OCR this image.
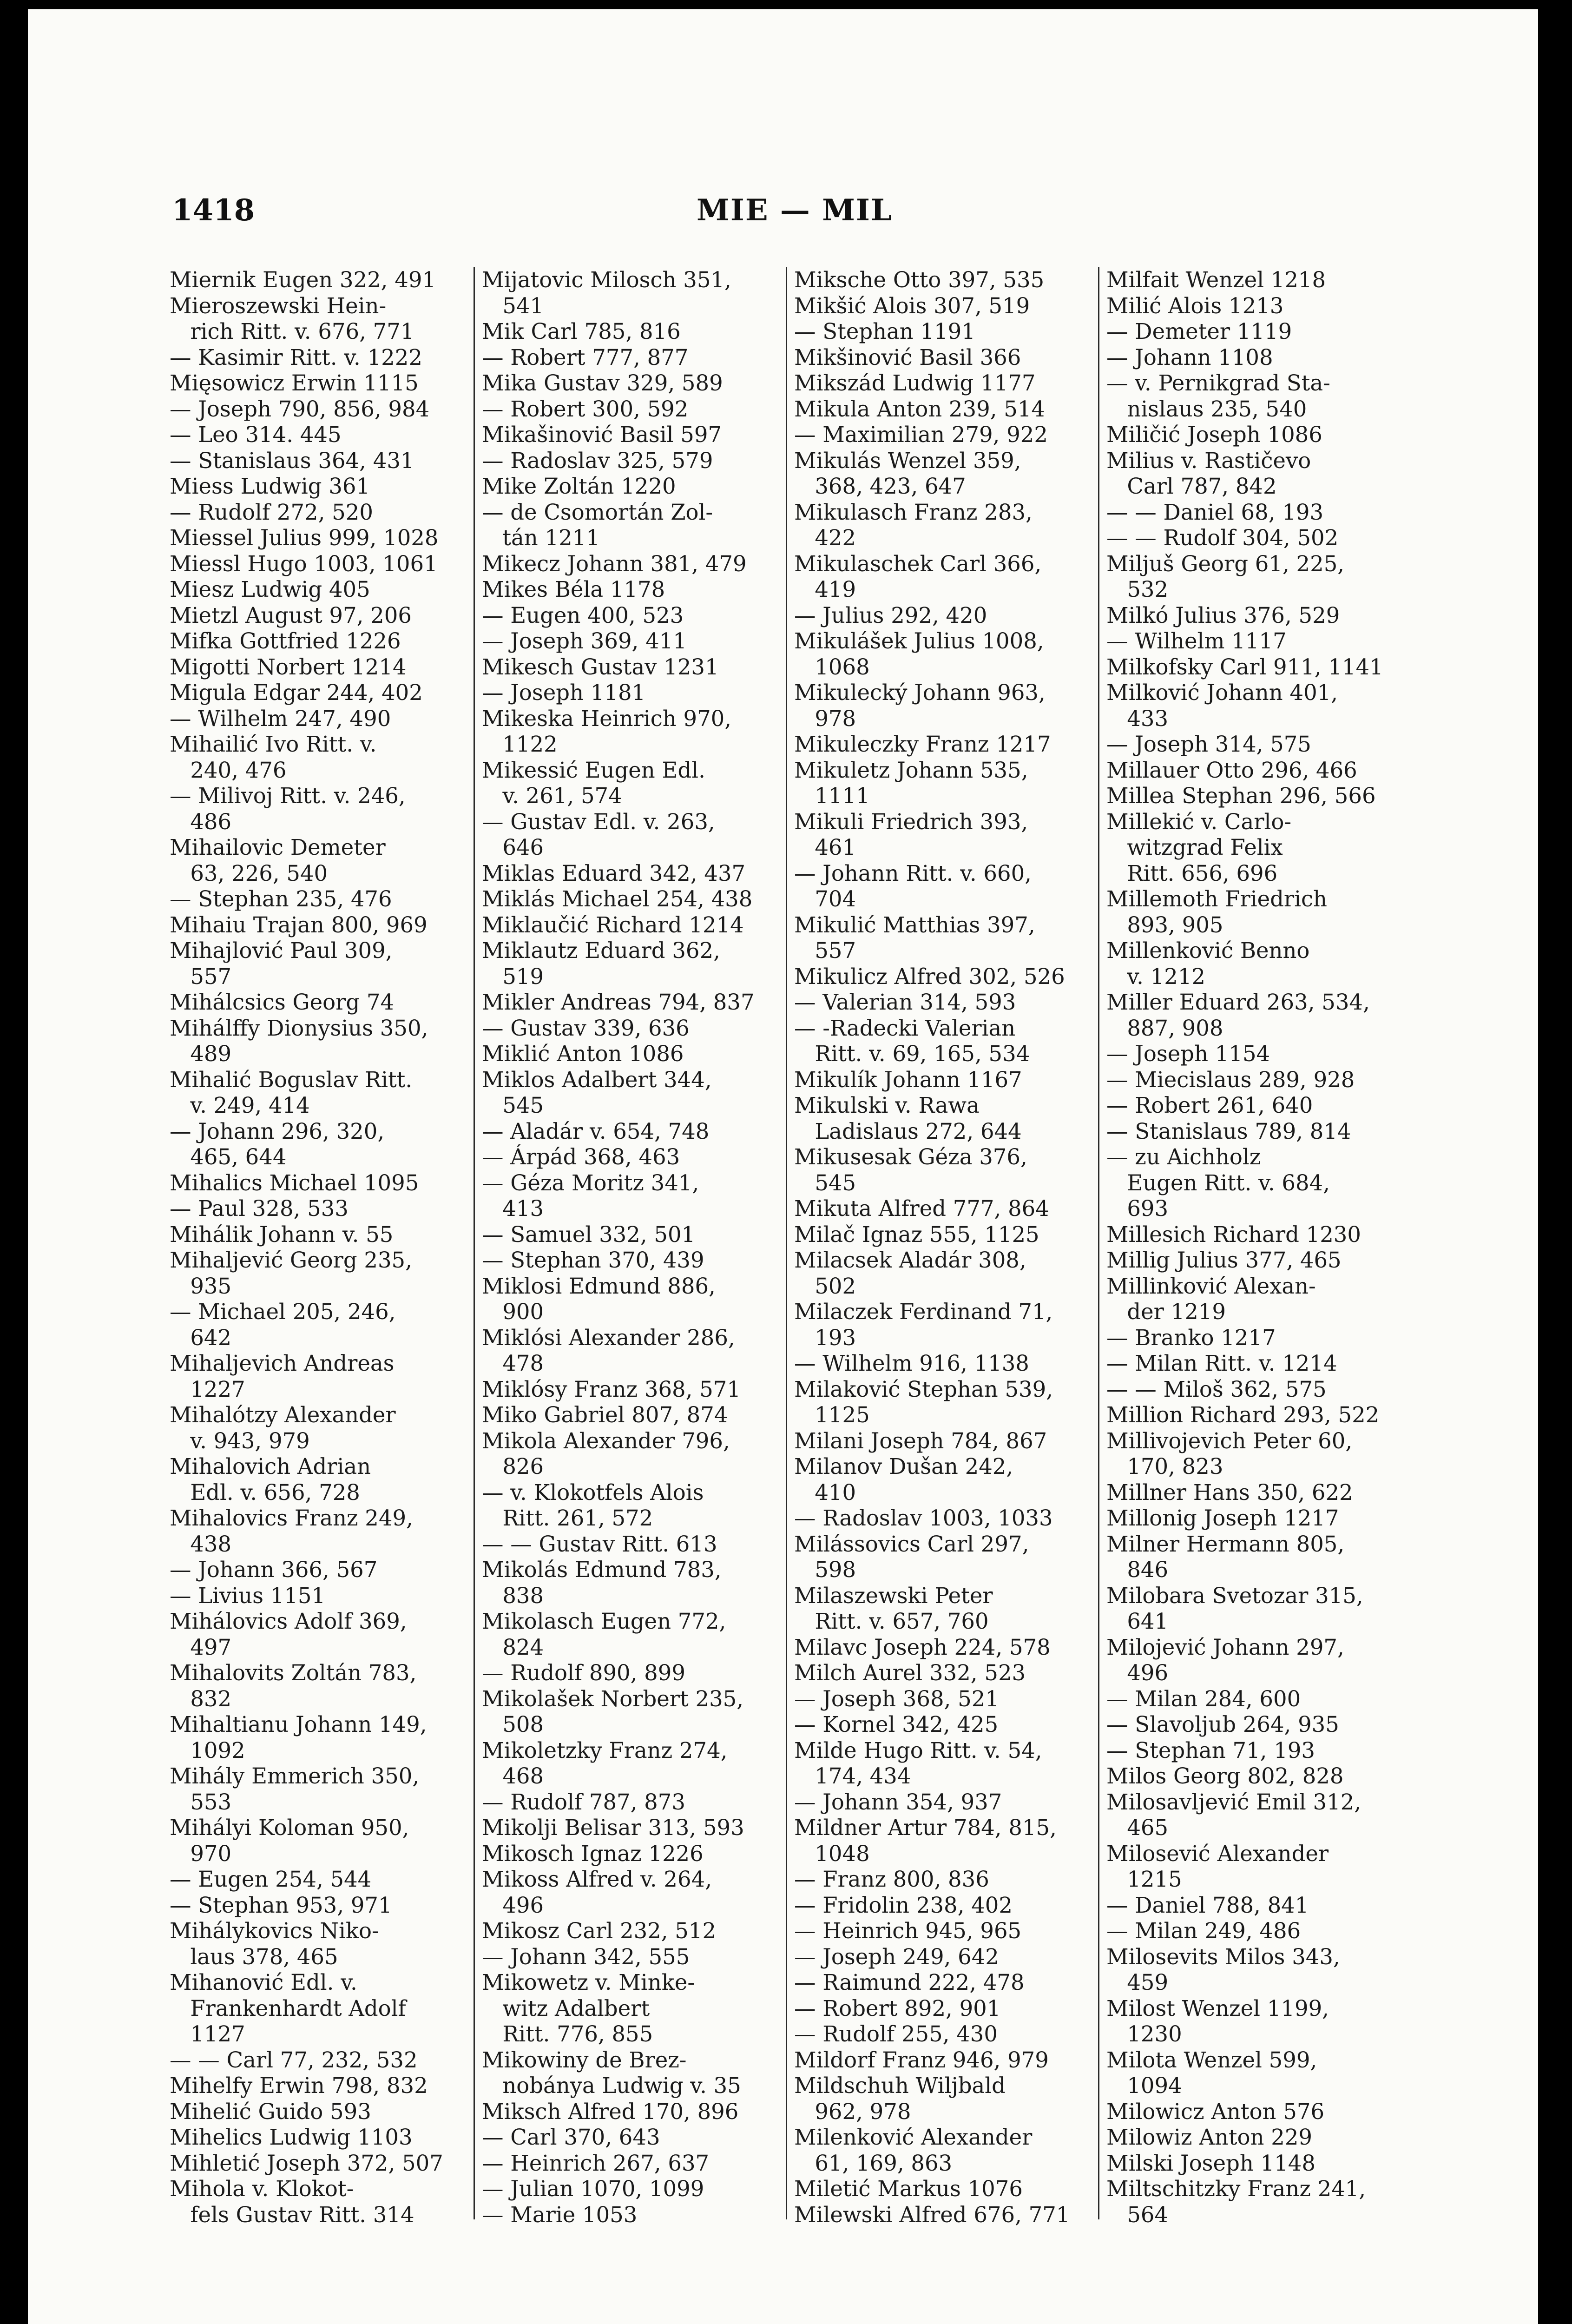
1418	MIE — MIL
Miernik Eugen 322, 491
Mieroszewski Hein-
rich Ritt. v. 676, 771
— Kasimir Ritt. v. 1222
Mięsowicz Erwin 1115
— Joseph 790, 856, 984
— Leo 314. 445
— Stanislaus 364, 431
Miess Ludwig 361
— Rudolf 272, 520
Miessel Julius 999, 1028
Miessl Hugo 1003, 1061
Miesz Ludwig 405
Mietzl August 97, 206
Mifka Gottfried 1226
Migotti Norbert 1214
Migula Edgar 244, 402
— Wilhelm 247, 490
Mihailić Ivo Ritt. v.
240, 476
— Milivoj Ritt. v. 246,
486
Mihailovic Demeter
63, 226, 540
— Stephan 235, 476
Mihaiu Trajan 800, 969
Mihajlović Paul 309,
557
Mihálcsics Georg 74
Mihálffy Dionysius 350,
489
Mihalić Boguslav Ritt.
v. 249, 414
— Johann 296, 320,
465, 644
Mihalics Michael 1095
— Paul 328, 533
Mihálik Johann v. 55
Mihaljević Georg 235,
935
— Michael 205, 246,
642
Mihaljevich Andreas
1227
Mihalótzy Alexander
v. 943, 979
Mihalovich Adrian
Edl. v. 656, 728
Mihalovics Franz 249,
438
— Johann 366, 567
— Livius 1151
Mihálovics Adolf 369,
497
Mihalovits Zoltán 783,
832
Mihaltianu Johann 149,
1092
Mihály Emmerich 350,
553
Mihályi Koloman 950,
970
— Eugen 254, 544
— Stephan 953, 971
Mihálykovics Niko-
laus 378, 465
Mihanović Edl. v.
Frankenhardt Adolf
1127
— — Carl 77, 232, 532
Mihelfy Erwin 798, 832
Mihelić Guido 593
Mihelics Ludwig 1103
Mihletić Joseph 372, 507
Mihola v. Klokot-
fels Gustav Ritt. 314
Mijatovic Milosch 351,
541
Mik Carl 785, 816
— Robert 777, 877
Mika Gustav 329, 589
— Robert 300, 592
Mikašinović Basil 597
— Radoslav 325, 579
Mike Zoltán 1220
— de Csomortán Zol-
tán 1211
Mikecz Johann 381, 479
Mikes Béla 1178
— Eugen 400, 523
— Joseph 369, 411
Mikesch Gustav 1231
— Joseph 1181
Mikeska Heinrich 970,
1122
Mikessić Eugen Edl.
v. 261, 574
— Gustav Edl. v. 263,
646
Miklas Eduard 342, 437
Miklás Michael 254, 438
Miklaučić Richard 1214
Miklautz Eduard 362,
519
Mikler Andreas 794, 837
— Gustav 339, 636
Miklić Anton 1086
Miklos Adalbert 344,
545
— Aladár v. 654, 748
— Árpád 368, 463
— Géza Moritz 341,
413
— Samuel 332, 501
— Stephan 370, 439
Miklosi Edmund 886,
900
Miklósi Alexander 286,
478
Miklósy Franz 368, 571
Miko Gabriel 807, 874
Mikola Alexander 796,
826
— v. Klokotfels Alois
Ritt. 261, 572
— — Gustav Ritt. 613
Mikolás Edmund 783,
838
Mikolasch Eugen 772,
824
— Rudolf 890, 899
Mikolašek Norbert 235,
508
Mikoletzky Franz 274,
468
— Rudolf 787, 873
Mikolji Belisar 313, 593
Mikosch Ignaz 1226
Mikoss Alfred v. 264,
496
Mikosz Carl 232, 512
— Johann 342, 555
Mikowetz v. Minke-
witz Adalbert
Ritt. 776, 855
Mikowiny de Brez-
nobánya Ludwig v. 35
Miksch Alfred 170, 896
— Carl 370, 643
— Heinrich 267, 637
— Julian 1070, 1099
— Marie 1053
Miksche Otto 397, 535
Mikšić Alois 307, 519
— Stephan 1191
Mikšinović Basil 366
Mikszád Ludwig 1177
Mikula Anton 239, 514
— Maximilian 279, 922
Mikulás Wenzel 359,
368, 423, 647
Mikulasch Franz 283,
422
Mikulaschek Carl 366,
419
— Julius 292, 420
Mikulášek Julius 1008,
1068
Mikulecký Johann 963,
978
Mikuleczky Franz 1217
Mikuletz Johann 535,
1111
Mikuli Friedrich 393,
461
— Johann Ritt. v. 660,
704
Mikulić Matthias 397,
557
Mikulicz Alfred 302, 526
— Valerian 314, 593
— -Radecki Valerian
Ritt. v. 69, 165, 534
Mikulík Johann 1167
Mikulski v. Rawa
Ladislaus 272, 644
Mikusesak Géza 376,
545
Mikuta Alfred 777, 864
Milač Ignaz 555, 1125
Milacsek Aladár 308,
502
Milaczek Ferdinand 71,
193
— Wilhelm 916, 1138
Milaković Stephan 539,
1125
Milani Joseph 784, 867
Milanov Dušan 242,
410
— Radoslav 1003, 1033
Milássovics Carl 297,
598
Milaszewski Peter
Ritt. v. 657, 760
Milavc Joseph 224, 578
Milch Aurel 332, 523
— Joseph 368, 521
— Kornel 342, 425
Milde Hugo Ritt. v. 54,
174, 434
— Johann 354, 937
Mildner Artur 784, 815,
1048
— Franz 800, 836
— Fridolin 238, 402
— Heinrich 945, 965
— Joseph 249, 642
— Raimund 222, 478
— Robert 892, 901
— Rudolf 255, 430
Mildorf Franz 946, 979
Mildschuh Wiljbald
962, 978
Milenković Alexander
61, 169, 863
Miletić Markus 1076
Milewski Alfred 676, 771
Milfait Wenzel 1218
Milić Alois 1213
— Demeter 1119
— Johann 1108
— v. Pernikgrad Sta-
nislaus 235, 540
Miličić Joseph 1086
Milius v. Rastičevo
Carl 787, 842
— — Daniel 68, 193
— — Rudolf 304, 502
Miljuš Georg 61, 225,
532
Milkó Julius 376, 529
— Wilhelm 1117
Milkofsky Carl 911, 1141
Milković Johann 401,
433
— Joseph 314, 575
Millauer Otto 296, 466
Millea Stephan 296, 566
Millekić v. Carlo-
witzgrad Felix
Ritt. 656, 696
Millemoth Friedrich
893, 905
Millenković Benno
v. 1212
Miller Eduard 263, 534,
887, 908
— Joseph 1154
— Miecislaus 289, 928
— Robert 261, 640
— Stanislaus 789, 814
— zu Aichholz
Eugen Ritt. v. 684,
693
Millesich Richard 1230
Millig Julius 377, 465
Millinković Alexan-
der 1219
— Branko 1217
— Milan Ritt. v. 1214
— — Miloš 362, 575
Million Richard 293, 522
Millivojevich Peter 60,
170, 823
Millner Hans 350, 622
Millonig Joseph 1217
Milner Hermann 805,
846
Milobara Svetozar 315,
641
Milojević Johann 297,
496
— Milan 284, 600
— Slavoljub 264, 935
— Stephan 71, 193
Milos Georg 802, 828
Milosavljević Emil 312,
465
Milosević Alexander
1215
— Daniel 788, 841
— Milan 249, 486
Milosevits Milos 343,
459
Milost Wenzel 1199,
1230
Milota Wenzel 599,
1094
Milowicz Anton 576
Milowiz Anton 229
Milski Joseph 1148
Miltschitzky Franz 241,
564
